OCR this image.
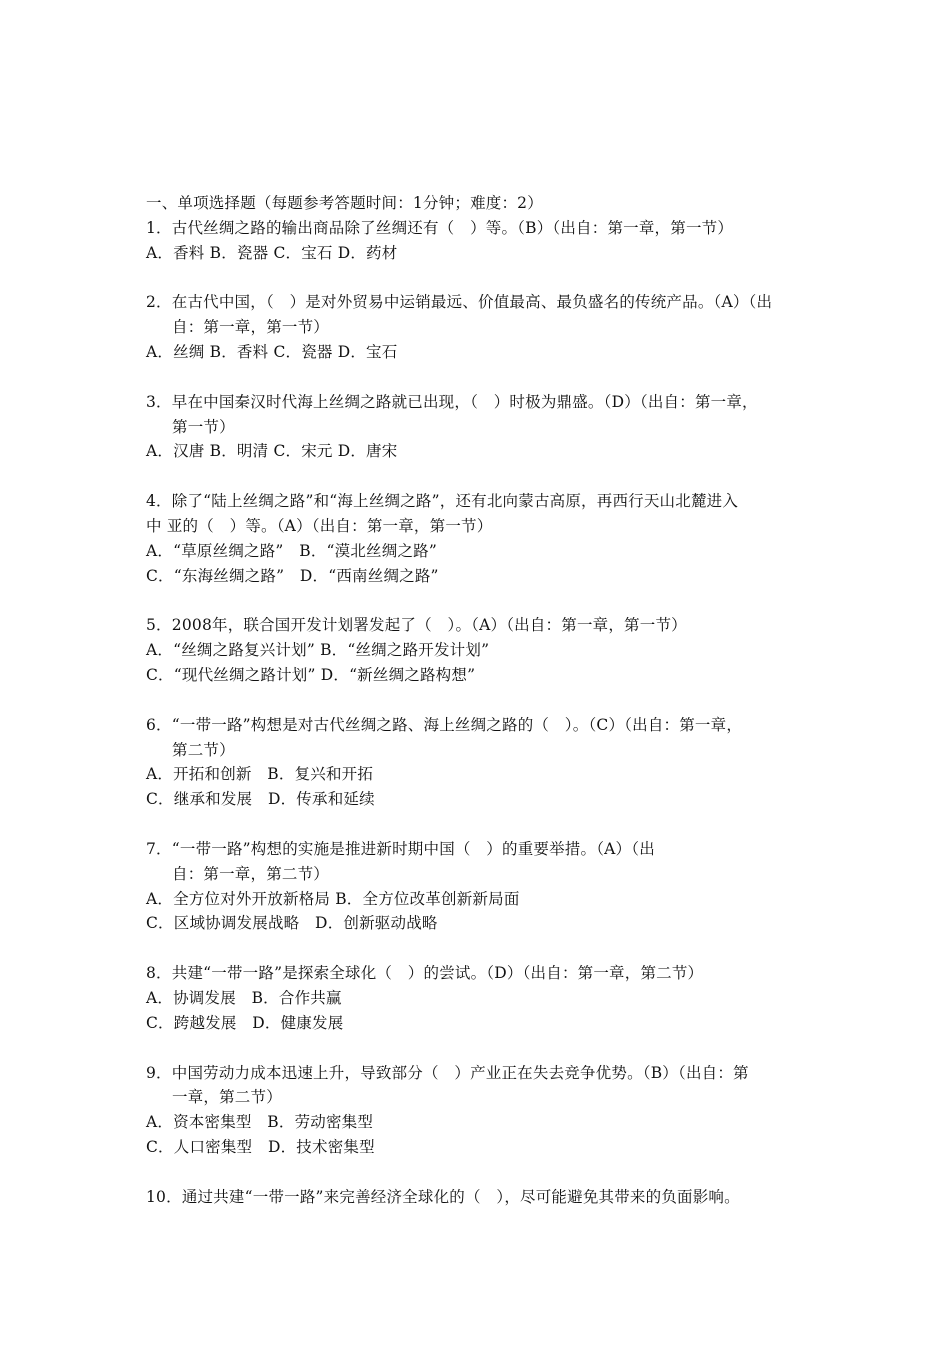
一、单项选择题（每题参考答题时间：1分钟；难度：2）
1．古代丝绸之路的输出商品除了丝绸还有（　）等。（B）（出自：第一章，第一节）
A．香料 B．瓷器 C．宝石 D．药材
2．在古代中国，（　）是对外贸易中运销最远、价值最高、最负盛名的传统产品。（A）（出
自：第一章，第一节）
A．丝绸 B．香料 C．瓷器 D．宝石
3．早在中国秦汉时代海上丝绸之路就已出现，（　）时极为鼎盛。（D）（出自：第一章，
第一节）
A．汉唐 B．明清 C．宋元 D．唐宋
4．除了“陆上丝绸之路”和“海上丝绸之路”，还有北向蒙古高原，再西行天山北麓进入
中 亚的（　）等。（A）（出自：第一章，第一节）
A．“草原丝绸之路”　B．“漠北丝绸之路”
C．“东海丝绸之路”　D．“西南丝绸之路”
5．2008年，联合国开发计划署发起了（　）。（A）（出自：第一章，第一节）
A．“丝绸之路复兴计划” B．“丝绸之路开发计划”
C．“现代丝绸之路计划” D．“新丝绸之路构想”
6．“一带一路”构想是对古代丝绸之路、海上丝绸之路的（　）。（C）（出自：第一章，
第二节）
A．开拓和创新　B．复兴和开拓
C．继承和发展　D．传承和延续
7．“一带一路”构想的实施是推进新时期中国（　）的重要举措。（A）（出
自：第一章，第二节）
A．全方位对外开放新格局 B．全方位改革创新新局面
C．区域协调发展战略　D．创新驱动战略
8．共建“一带一路”是探索全球化（　）的尝试。（D）（出自：第一章，第二节）
A．协调发展　B．合作共赢
C．跨越发展　D．健康发展
9．中国劳动力成本迅速上升，导致部分（　）产业正在失去竞争优势。（B）（出自：第
一章，第二节）
A．资本密集型　B．劳动密集型
C．人口密集型　D．技术密集型
10．通过共建“一带一路”来完善经济全球化的（　），尽可能避免其带来的负面影响。
